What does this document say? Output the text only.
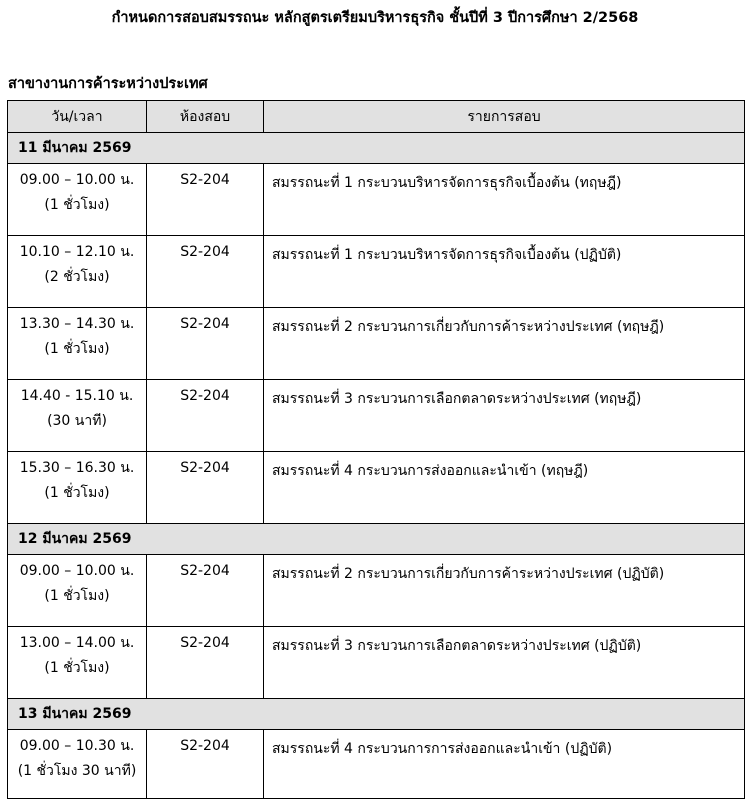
กำหนดการสอบสมรรถนะ หลักสูตรเตรียมบริหารธุรกิจ ชั้นปีที่ 3 ปีการศึกษา 2/2568
สาขางานการค้าระหว่างประเทศ
วัน/เวลา	ห้องสอบ	รายการสอบ
11 มีนาคม 2569		

09.00 – 10.00 น.
(1 ชั่วโมง)	S2-204	สมรรถนะที่ 1 กระบวนบริหารจัดการธุรกิจเบื้องต้น (ทฤษฎี)

10.10 – 12.10 น.
(2 ชั่วโมง)	S2-204	สมรรถนะที่ 1 กระบวนบริหารจัดการธุรกิจเบื้องต้น (ปฏิบัติ)

13.30 – 14.30 น.
(1 ชั่วโมง)	S2-204	สมรรถนะที่ 2 กระบวนการเกี่ยวกับการค้าระหว่างประเทศ (ทฤษฎี)

14.40 - 15.10 น.
(30 นาที)	S2-204	สมรรถนะที่ 3 กระบวนการเลือกตลาดระหว่างประเทศ (ทฤษฎี)

15.30 – 16.30 น.
(1 ชั่วโมง)	S2-204	สมรรถนะที่ 4 กระบวนการส่งออกและนำเข้า (ทฤษฎี)
12 มีนาคม 2569		

09.00 – 10.00 น.
(1 ชั่วโมง)	S2-204	สมรรถนะที่ 2 กระบวนการเกี่ยวกับการค้าระหว่างประเทศ (ปฏิบัติ)

13.00 – 14.00 น.
(1 ชั่วโมง)	S2-204	สมรรถนะที่ 3 กระบวนการเลือกตลาดระหว่างประเทศ (ปฏิบัติ)
13 มีนาคม 2569		

09.00 – 10.30 น.
(1 ชั่วโมง 30 นาที)	S2-204	สมรรถนะที่ 4 กระบวนการการส่งออกและนำเข้า (ปฏิบัติ)
